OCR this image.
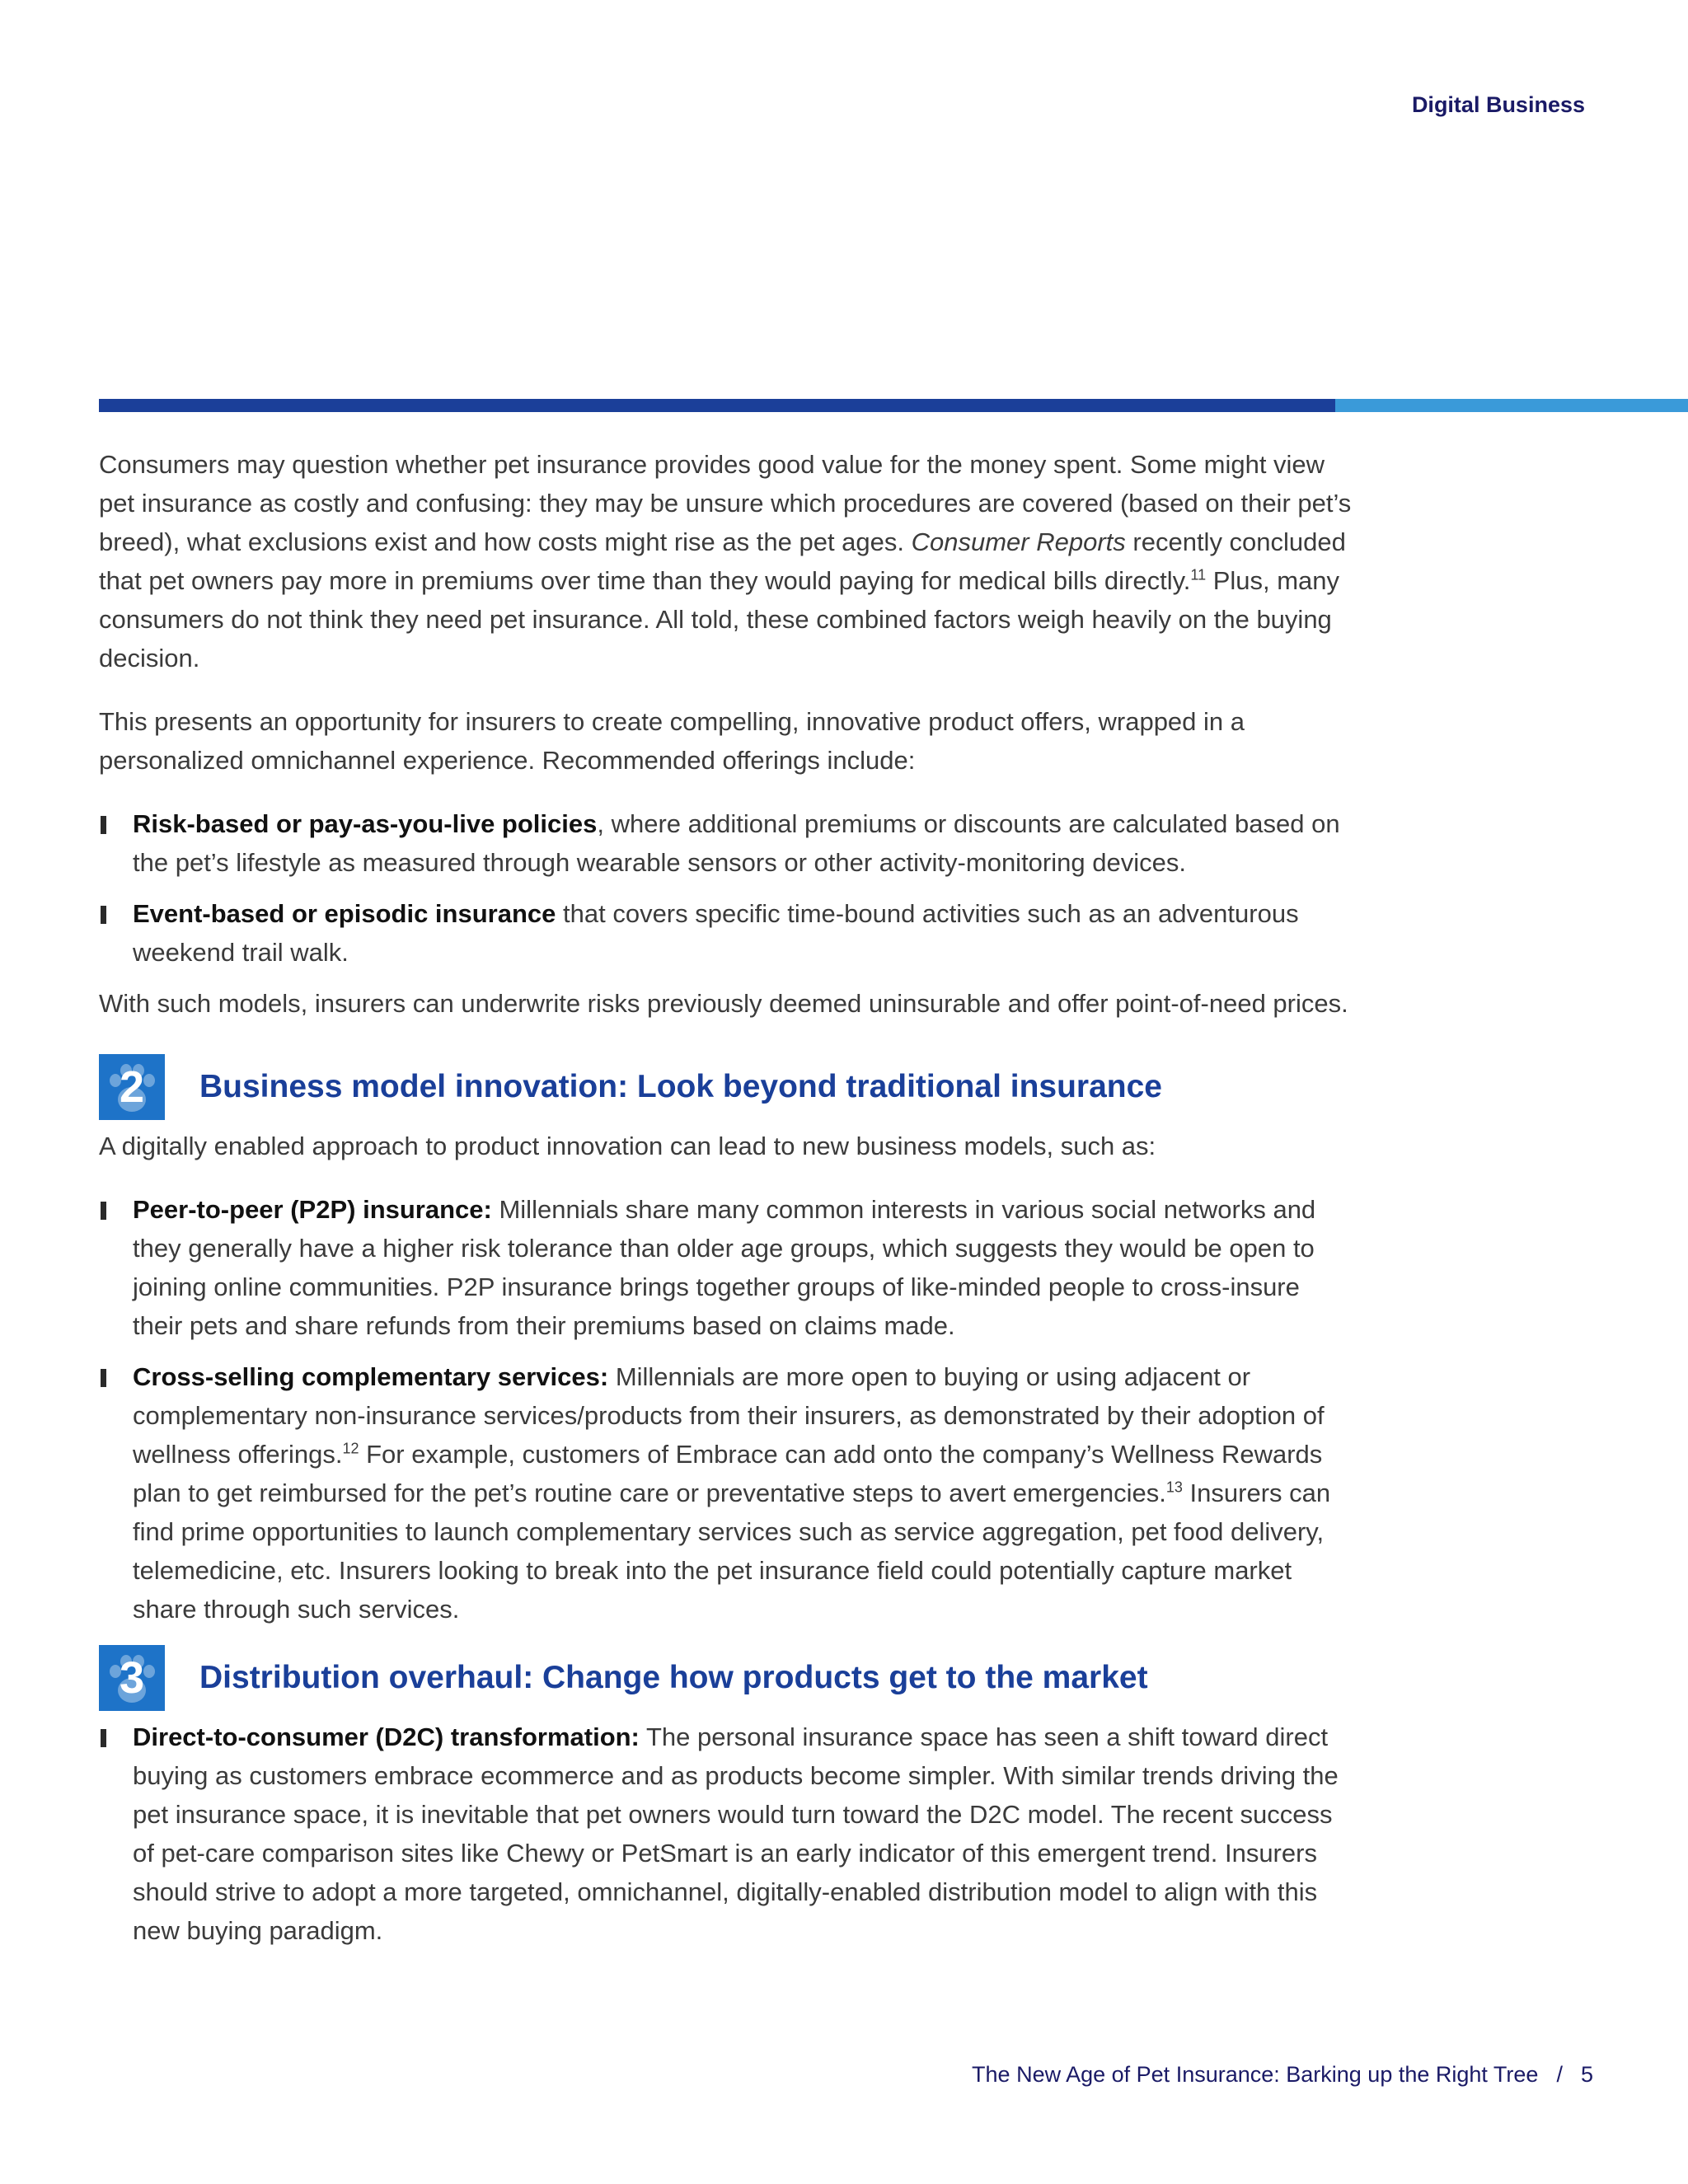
Digital Business

Consumers may question whether pet insurance provides good value for the money spent. Some might view pet insurance as costly and confusing: they may be unsure which procedures are covered (based on their pet’s breed), what exclusions exist and how costs might rise as the pet ages. Consumer Reports recently concluded that pet owners pay more in premiums over time than they would paying for medical bills directly.$^{11}$ Plus, many consumers do not think they need pet insurance. All told, these combined factors weigh heavily on the buying decision.

This presents an opportunity for insurers to create compelling, innovative product offers, wrapped in a personalized omnichannel experience. Recommended offerings include:

Risk-based or pay-as-you-live policies, where additional premiums or discounts are calculated based on the pet’s lifestyle as measured through wearable sensors or other activity-monitoring devices.
Event-based or episodic insurance that covers specific time-bound activities such as an adventurous weekend trail walk.

With such models, insurers can underwrite risks previously deemed uninsurable and offer point-of-need prices.

2 Business model innovation: Look beyond traditional insurance

A digitally enabled approach to product innovation can lead to new business models, such as:

Peer-to-peer (P2P) insurance: Millennials share many common interests in various social networks and they generally have a higher risk tolerance than older age groups, which suggests they would be open to joining online communities. P2P insurance brings together groups of like-minded people to cross-insure their pets and share refunds from their premiums based on claims made.
Cross-selling complementary services: Millennials are more open to buying or using adjacent or complementary non-insurance services/products from their insurers, as demonstrated by their adoption of wellness offerings.$^{12}$ For example, customers of Embrace can add onto the company’s Wellness Rewards plan to get reimbursed for the pet’s routine care or preventative steps to avert emergencies.$^{13}$ Insurers can find prime opportunities to launch complementary services such as service aggregation, pet food delivery, telemedicine, etc. Insurers looking to break into the pet insurance field could potentially capture market share through such services.
3 Distribution overhaul: Change how products get to the market
Direct-to-consumer (D2C) transformation: The personal insurance space has seen a shift toward direct buying as customers embrace ecommerce and as products become simpler. With similar trends driving the pet insurance space, it is inevitable that pet owners would turn toward the D2C model. The recent success of pet-care comparison sites like Chewy or PetSmart is an early indicator of this emergent trend. Insurers should strive to adopt a more targeted, omnichannel, digitally-enabled distribution model to align with this new buying paradigm.
The New Age of Pet Insurance: Barking up the Right Tree / 5
